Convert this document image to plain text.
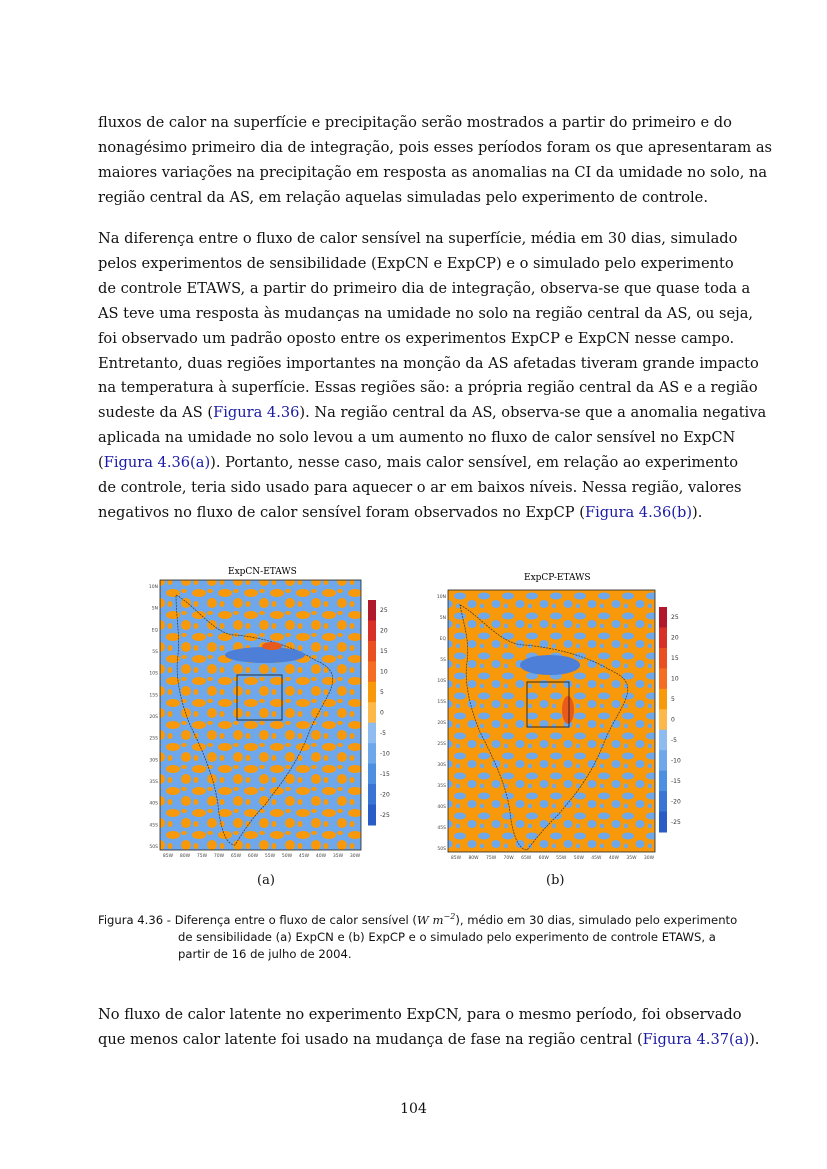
fluxos de calor na superfície e precipitação serão mostrados a partir do primeiro e do
nonagésimo primeiro dia de integração, pois esses períodos foram os que apresentaram as
maiores variações na precipitação em resposta as anomalias na CI da umidade no solo, na
região central da AS, em relação aquelas simuladas pelo experimento de controle.
Na diferença entre o fluxo de calor sensível na superfície, média em 30 dias, simulado
pelos experimentos de sensibilidade (ExpCN e ExpCP) e o simulado pelo experimento
de controle ETAWS, a partir do primeiro dia de integração, observa-se que quase toda a
AS teve uma resposta às mudanças na umidade no solo na região central da AS, ou seja,
foi observado um padrão oposto entre os experimentos ExpCP e ExpCN nesse campo.
Entretanto, duas regiões importantes na monção da AS afetadas tiveram grande impacto
na temperatura à superfície. Essas regiões são: a própria região central da AS e a região
sudeste da AS (Figura 4.36). Na região central da AS, observa-se que a anomalia negativa
aplicada na umidade no solo levou a um aumento no fluxo de calor sensível no ExpCN
(Figura 4.36(a)). Portanto, nesse caso, mais calor sensível, em relação ao experimento
de controle, teria sido usado para aquecer o ar em baixos níveis. Nessa região, valores
negativos no fluxo de calor sensível foram observados no ExpCP (Figura 4.36(b)).
ExpCN-ETAWS
25
20
15
10
5
0
-5
-10
-15
-20
-25
10N
5N
EQ
5S
10S
15S
20S
25S
30S
35S
40S
45S
50S
85W 80W 75W 70W 65W 60W 55W 50W 45W 40W 35W 30W
(a)
ExpCP-ETAWS
25
20
15
10
5
0
-5
-10
-15
-20
-25
10N
5N
EQ
5S
10S
15S
20S
25S
30S
35S
40S
45S
50S
85W 80W 75W 70W 65W 60W 55W 50W 45W 40W 35W 30W
(b)
Figura 4.36 - Diferença entre o fluxo de calor sensível (W $m^{-2}$), médio em 30 dias, simulado pelo experimento
de sensibilidade (a) ExpCN e (b) ExpCP e o simulado pelo experimento de controle ETAWS, a
partir de 16 de julho de 2004.
No fluxo de calor latente no experimento ExpCN, para o mesmo período, foi observado
que menos calor latente foi usado na mudança de fase na região central (Figura 4.37(a)).
104
